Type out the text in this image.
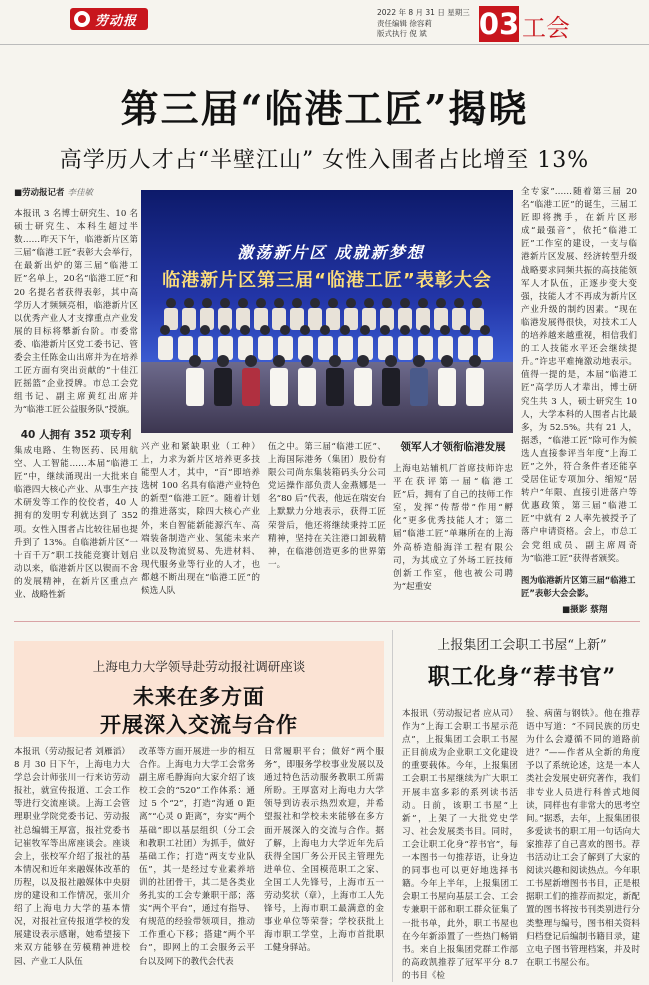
劳动报
2022 年 8 月 31 日 星期三
责任编辑 徐容莉
版式执行 倪 斌	03 工会
第三届“临港工匠”揭晓
高学历人才占“半壁江山” 女性入围者占比增至 13%
■劳动报记者 李佳敏
本报讯 3 名博士研究生、10 名硕士研究生、本科生超过半数……昨天下午，临港新片区第三届“临港工匠”表彰大会举行，在最新出炉的第三届“临港工匠”名单上，20名“临港工匠”和 20 名提名者获得表彰，其中高学历人才频频亮相，临港新片区以优秀产业人才支撑重点产业发展的目标将攀新台阶。市委常委、临港新片区党工委书记、管委会主任陈金山出席并为在培养工匠方面有突出贡献的“十佳江匠摇篮”企业授牌。市总工会党组书记、副主席黄红出席并为“临港工匠公益服务队”授旗。
40 人拥有 352 项专利
集成电路、生物医药、民用航空、人工智能……本届“临港工匠”中，继续涌现出一大批来自临港四大核心产业、从事生产技术研发等工作的佼佼者，40 人拥有的发明专利就达到了 352 项。女性入围者占比较往届也提升到了 13%。自临港新片区“一十百千万”职工技能竞赛计划启动以来，临港新片区以锲而不舍的发展精神，在新片区重点产业、战略性新
激荡新片区 成就新梦想
临港新片区第三届“临港工匠”表彰大会
兴产业和紧缺职业（工种）上，力求为新片区培养更多技能型人才，其中，“百”即培养选树 100 名具有临港产业特色的新型“临港工匠”。随着计划的推进落实，除四大核心产业外，来自智能新能源汽车、高端装备制造产业、氢能未来产业以及物流贸易、先进材料、现代服务业等行业的人才，也都越不断出现在“临港工匠”的候选人队
伍之中。第三届“临港工匠”、上海国际港务（集团）股份有限公司尚东集装箱码头分公司党运操作部负责人金燕娜是一名“80 后”代表，他远在瑞安台上默默力分地表示，获得工匠荣誉后，他还将继续秉持工匠精神，坚持在关注港口卸载精神，在临港创造更多的世界第一。
领军人才领衔临港发展
上海电站辅机厂首席技师许忠平在获评第一届“临港工匠”后，拥有了自己的技师工作室，发挥“传帮带”作用“孵化”更多优秀技能人才；第二届“临港工匠”单琳所在的上海外高桥造船海洋工程有限公司，为其成立了外场工匠技师创新工作室，他也被公司聘为“起重安
全专家”……随着第三届 20 名“临港工匠”的诞生，三届工匠即将携手，在新片区形成“最强音”，依托“临港工匠”工作室的建设，一支与临港新片区发展、经济转型升级战略要求同频共振的高技能领军人才队伍，正逐步变大变强，技能人才不再成为新片区产业升级的制约因素。“现在临港发展得很快，对技术工人的培养越来越重视，相信我们的工人技能水平还会继续提升。”许忠平难掩激动地表示。值得一提的是，本届“临港工匠”高学历人才辈出，博士研究生共 3 人，硕士研究生 10 人，大学本科的人围者占比最多，为 52.5%。共有 21 人，据悉，“临港工匠”除可作为候选人直接参评当年度“上海工匠”之外，符合条件者还能享受居住证专项加分、缩短“居转户”年限、直接引进落户等优惠政策，第三届“临港工匠”中就有 2 人率先被授予了落户申请资格。会上，市总工会党组成员、副主席周奇为“临港工匠”获得者颁奖。
图为临港新片区第三届“临港工匠”表彰大会会影。
■摄影 蔡翔
上海电力大学领导赴劳动报社调研座谈
未来在多方面
开展深入交流与合作
本报讯（劳动报记者 刘雁滔）8 月 30 日下午，上海电力大学总会计师张川一行来访劳动报社，就宣传报道、工会工作等进行交流座谈。上海工会管理职业学院党委书记、劳动报社总编辑王厚富，报社党委书记崔牧军等出席座谈会。座谈会上，张校军介绍了报社的基本情况和近年来融媒体改革的历程，以及报社融媒体中央厨房的建设和工作情况，张川介绍了上海电力大学的基本情况，对报社宣传报道学校的发展建设表示感谢，她希望接下来双方能够在劳模精神进校园、产业工人队伍
改革等方面开展进一步的相互合作。上海电力大学工会常务副主席毛静海向大家介绍了该校工会的“520”工作体系：通过 5 个“2”，打造“沟通 0 距离”“心灵 0 距离”，夯实“两个基础”即以基层组织（分工会和教职工社团）为抓手，做好基础工作；打造“两支专业队伍”，其一是经过专业素养培训的社团骨干，其二是各类业务扎实的工会专兼职干部；落实“两个平台”，通过有指导、有规范的经验带领项目，推动工作重心下移；搭建“两个平台”，即网上的工会服务云平台以及网下的教代会代表
日常履职平台；做好“两个服务”，即服务学校事业发展以及通过特色活动服务教职工所需所盼。王厚富对上海电力大学领导到访表示热烈欢迎，并希望报社和学校未来能够在多方面开展深入的交流与合作。据了解，上海电力大学近年先后获得全国厂务公开民主管理先进单位、全国模范职工之家、全国工人先锋号，上海市五一劳动奖状（章），上海市工人先锋号，上海市职工最满意的金事业单位等荣誉；学校获批上海市职工学堂，上海市首批职工健身驿站。
上报集团工会职工书屋“上新”
职工化身“荐书官”
本报讯（劳动报记者 应从司）作为“上海工会职工书屋示范点”，上报集团工会职工书屋正目前成为企业职工文化建设的重要载体。今年，上报集团工会职工书屋继续为广大职工开展丰富多彩的系列读书活动。日前，该职工书屋“上新”，上架了一大批党史学习、社会发展类书目。同时，工会让职工化身“荐书官”，每一本图书一句推荐语，让身边的同事也可以更好地选择书籍。今年上半年，上报集团工会职工书屋向基层工会、工会专兼职干部和职工群众征集了一批书单，此外，职工书屋也在今年新添置了一些热门畅销书。来自上报集团党群工作部的高政凯推荐了冠军平分 8.7 的书目《检
验、病菌与钢铁》。他在推荐语中写道：“不同民族的历史为什么会遵循不同的道路前进？”——作者从全新的角度予以了系统论述，这是一本人类社会发展史研究著作，我们非专业人员进行科普式地阅读，同样也有非常大的思考空间。”据悉，去年，上报集团很多爱读书的职工用一句话向大家推荐了自己喜欢的图书。荐书活动让工会了解到了大家的阅读兴趣和阅读热点。今年职工书屋新增图书书目，正是根据职工们的推荐而拟定，新配置的图书将按书刊类别进行分类整理与编号，图书相关资料归档登记后编制书籍目录，建立电子图书管理档案，并及时在职工书屋公布。
